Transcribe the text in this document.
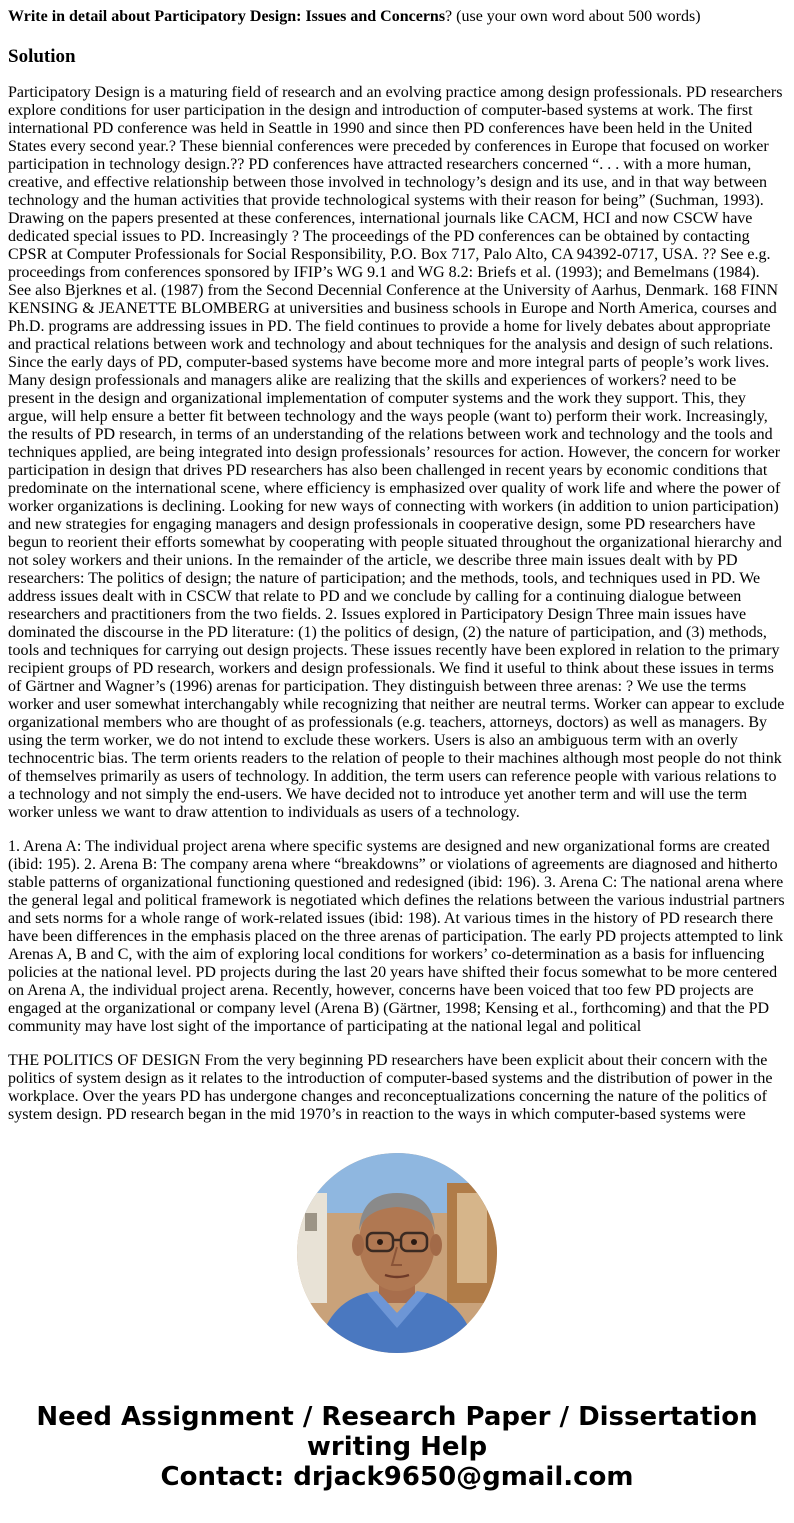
Write in detail about Participatory Design: Issues and Concerns? (use your own word about 500 words)
Solution

Participatory Design is a maturing field of research and an evolving practice among design professionals. PD researchers explore conditions for user participation in the design and introduction of computer-based systems at work. The first international PD conference was held in Seattle in 1990 and since then PD conferences have been held in the United States every second year.? These biennial conferences were preceded by conferences in Europe that focused on worker participation in technology design.?? PD conferences have attracted researchers concerned “. . . with a more human, creative, and effective relationship between those involved in technology’s design and its use, and in that way between technology and the human activities that provide technological systems with their reason for being” (Suchman, 1993). Drawing on the papers presented at these conferences, international journals like CACM, HCI and now CSCW have dedicated special issues to PD. Increasingly ? The proceedings of the PD conferences can be obtained by contacting CPSR at Computer Professionals for Social Responsibility, P.O. Box 717, Palo Alto, CA 94392-0717, USA. ?? See e.g. proceedings from conferences sponsored by IFIP’s WG 9.1 and WG 8.2: Briefs et al. (1993); and Bemelmans (1984). See also Bjerknes et al. (1987) from the Second Decennial Conference at the University of Aarhus, Denmark. 168 FINN KENSING & JEANETTE BLOMBERG at universities and business schools in Europe and North America, courses and Ph.D. programs are addressing issues in PD. The field continues to provide a home for lively debates about appropriate and practical relations between work and technology and about techniques for the analysis and design of such relations. Since the early days of PD, computer-based systems have become more and more integral parts of people’s work lives. Many design professionals and managers alike are realizing that the skills and experiences of workers? need to be present in the design and organizational implementation of computer systems and the work they support. This, they argue, will help ensure a better fit between technology and the ways people (want to) perform their work. Increasingly, the results of PD research, in terms of an understanding of the relations between work and technology and the tools and techniques applied, are being integrated into design professionals’ resources for action. However, the concern for worker participation in design that drives PD researchers has also been challenged in recent years by economic conditions that predominate on the international scene, where efficiency is emphasized over quality of work life and where the power of worker organizations is declining. Looking for new ways of connecting with workers (in addition to union participation) and new strategies for engaging managers and design professionals in cooperative design, some PD researchers have begun to reorient their efforts somewhat by cooperating with people situated throughout the organizational hierarchy and not soley workers and their unions. In the remainder of the article, we describe three main issues dealt with by PD researchers: The politics of design; the nature of participation; and the methods, tools, and techniques used in PD. We address issues dealt with in CSCW that relate to PD and we conclude by calling for a continuing dialogue between researchers and practitioners from the two fields. 2. Issues explored in Participatory Design Three main issues have dominated the discourse in the PD literature: (1) the politics of design, (2) the nature of participation, and (3) methods, tools and techniques for carrying out design projects. These issues recently have been explored in relation to the primary recipient groups of PD research, workers and design professionals. We find it useful to think about these issues in terms of Gärtner and Wagner’s (1996) arenas for participation. They distinguish between three arenas: ? We use the terms worker and user somewhat interchangably while recognizing that neither are neutral terms. Worker can appear to exclude organizational members who are thought of as professionals (e.g. teachers, attorneys, doctors) as well as managers. By using the term worker, we do not intend to exclude these workers. Users is also an ambiguous term with an overly technocentric bias. The term orients readers to the relation of people to their machines although most people do not think of themselves primarily as users of technology. In addition, the term users can reference people with various relations to a technology and not simply the end-users. We have decided not to introduce yet another term and will use the term worker unless we want to draw attention to individuals as users of a technology.

1. Arena A: The individual project arena where specific systems are designed and new organizational forms are created (ibid: 195). 2. Arena B: The company arena where “breakdowns” or violations of agreements are diagnosed and hitherto stable patterns of organizational functioning questioned and redesigned (ibid: 196). 3. Arena C: The national arena where the general legal and political framework is negotiated which defines the relations between the various industrial partners and sets norms for a whole range of work-related issues (ibid: 198). At various times in the history of PD research there have been differences in the emphasis placed on the three arenas of participation. The early PD projects attempted to link Arenas A, B and C, with the aim of exploring local conditions for workers’ co-determination as a basis for influencing policies at the national level. PD projects during the last 20 years have shifted their focus somewhat to be more centered on Arena A, the individual project arena. Recently, however, concerns have been voiced that too few PD projects are engaged at the organizational or company level (Arena B) (Gärtner, 1998; Kensing et al., forthcoming) and that the PD community may have lost sight of the importance of participating at the national legal and political

THE POLITICS OF DESIGN From the very beginning PD researchers have been explicit about their concern with the politics of system design as it relates to the introduction of computer-based systems and the distribution of power in the workplace. Over the years PD has undergone changes and reconceptualizations concerning the nature of the politics of system design. PD research began in the mid 1970’s in reaction to the ways in which computer-based systems were

Need Assignment / Research Paper / Dissertation
writing Help
Contact: drjack9650@gmail.com
